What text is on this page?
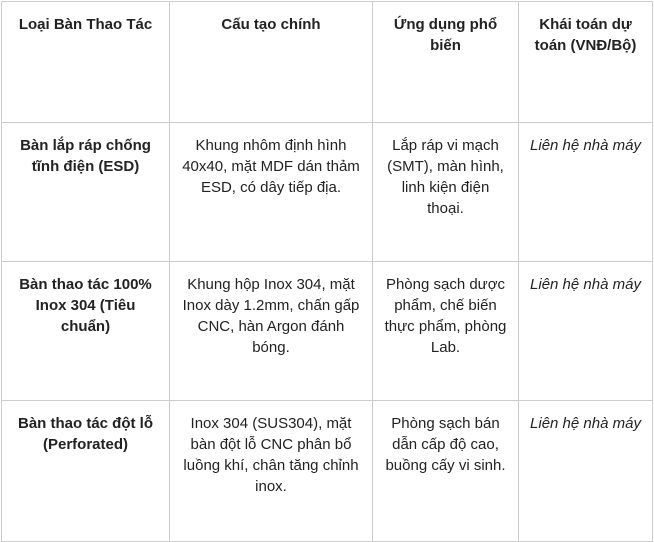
Loại Bàn Thao Tác	Cấu tạo chính	Ứng dụng phổ biến	Khái toán dự toán (VNĐ/Bộ)
Bàn lắp ráp chống tĩnh điện (ESD)	Khung nhôm định hình 40x40, mặt MDF dán thảm ESD, có dây tiếp địa.	Lắp ráp vi mạch (SMT), màn hình, linh kiện điện thoại.	Liên hệ nhà máy
Bàn thao tác 100% Inox 304 (Tiêu chuẩn)	Khung hộp Inox 304, mặt Inox dày 1.2mm, chấn gấp CNC, hàn Argon đánh bóng.	Phòng sạch dược phẩm, chế biến thực phẩm, phòng Lab.	Liên hệ nhà máy
Bàn thao tác đột lỗ (Perforated)	Inox 304 (SUS304), mặt bàn đột lỗ CNC phân bổ luồng khí, chân tăng chỉnh inox.	Phòng sạch bán dẫn cấp độ cao, buồng cấy vi sinh.	Liên hệ nhà máy
